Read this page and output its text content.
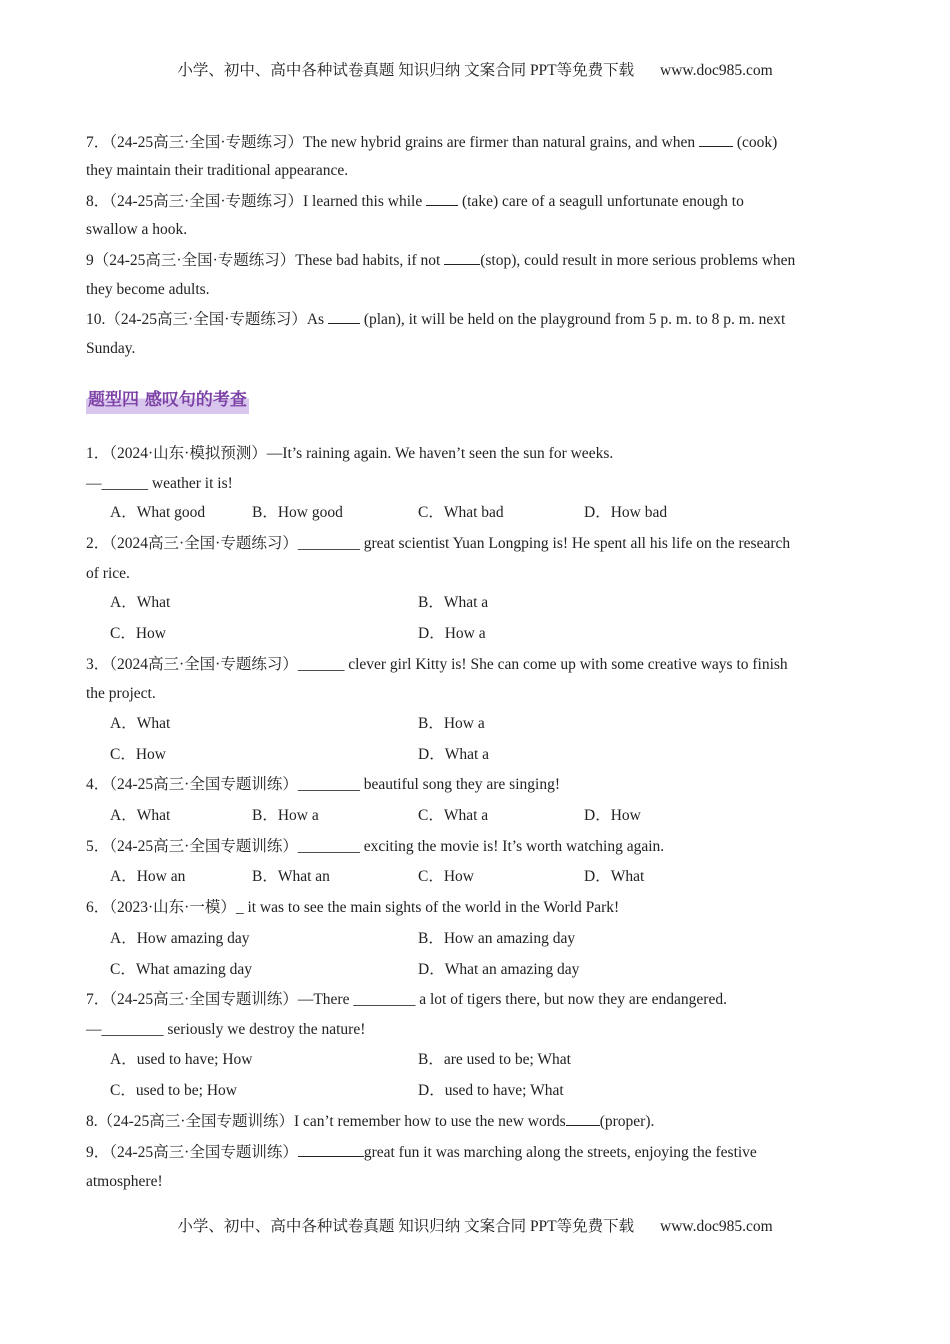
小学、初中、高中各种试卷真题 知识归纳 文案合同 PPT等免费下载 www.doc985.com
7．（24-25高三·全国·专题练习）The new hybrid grains are firmer than natural grains, and when  (cook)
they maintain their traditional appearance.
8．（24-25高三·全国·专题练习）I learned this while  (take) care of a seagull unfortunate enough to
swallow a hook.
9（24-25高三·全国·专题练习）These bad habits, if not (stop), could result in more serious problems when
they become adults.
10.（24-25高三·全国·专题练习）As  (plan), it will be held on the playground from 5 p. m. to 8 p. m. next
Sunday.
题型四 感叹句的考查
1．（2024·山东·模拟预测）—It’s raining again. We haven’t seen the sun for weeks.
—______ weather it is!
A．What good	B．How good	C．What bad	D．How bad
2．（2024高三·全国·专题练习）________ great scientist Yuan Longping is! He spent all his life on the research
of rice.
A．What	B．What a
C．How	D．How a
3．（2024高三·全国·专题练习）______ clever girl Kitty is! She can come up with some creative ways to finish
the project.
A．What	B．How a
C．How	D．What a
4．（24-25高三·全国专题训练）________ beautiful song they are singing!
A．What	B．How a	C．What a	D．How
5．（24-25高三·全国专题训练）________ exciting the movie is! It’s worth watching again.
A．How an	B．What an	C．How	D．What
6．（2023·山东·一模）_ it was to see the main sights of the world in the World Park!
A．How amazing day	B．How an amazing day
C．What amazing day	D．What an amazing day
7．（24-25高三·全国专题训练）—There ________ a lot of tigers there, but now they are endangered.
—________ seriously we destroy the nature!
A．used to have; How	B．are used to be; What
C．used to be; How	D．used to have; What
8.（24-25高三·全国专题训练）I can’t remember how to use the new words (proper).
9．（24-25高三·全国专题训练）	great fun it was marching along the streets, enjoying the festive
atmosphere!
小学、初中、高中各种试卷真题 知识归纳 文案合同 PPT等免费下载 www.doc985.com
